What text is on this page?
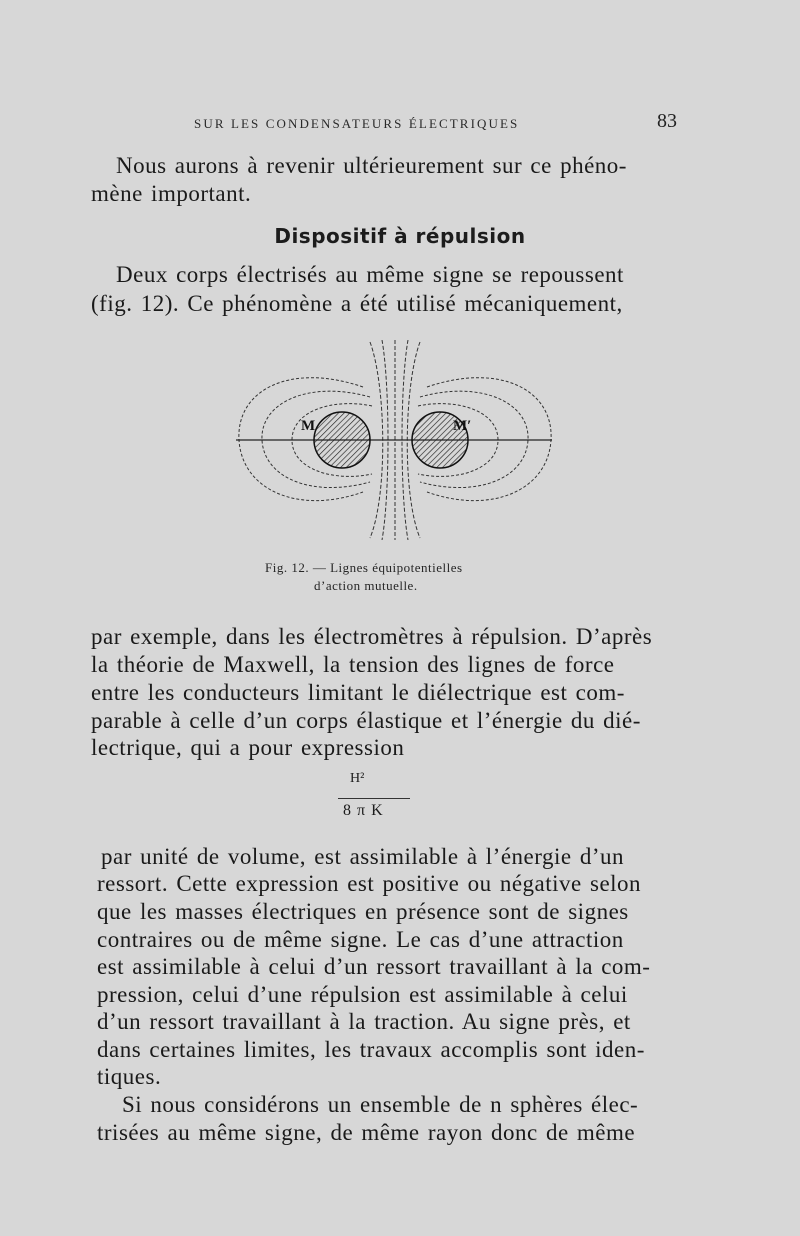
SUR LES CONDENSATEURS ÉLECTRIQUES	83
Nous aurons à revenir ultérieurement sur ce phéno-
mène important.
Dispositif à répulsion
Deux corps électrisés au même signe se repoussent
(fig. 12). Ce phénomène a été utilisé mécaniquement,
M	M′
Fig. 12. — Lignes équipotentielles
d’action mutuelle.
par exemple, dans les électromètres à répulsion. D’après
la théorie de Maxwell, la tension des lignes de force
entre les conducteurs limitant le diélectrique est com-
parable à celle d’un corps élastique et l’énergie du dié-
lectrique, qui a pour expression
H²
8 π K
par unité de volume, est assimilable à l’énergie d’un
ressort. Cette expression est positive ou négative selon
que les masses électriques en présence sont de signes
contraires ou de même signe. Le cas d’une attraction
est assimilable à celui d’un ressort travaillant à la com-
pression, celui d’une répulsion est assimilable à celui
d’un ressort travaillant à la traction. Au signe près, et
dans certaines limites, les travaux accomplis sont iden-
tiques.
Si nous considérons un ensemble de n sphères élec-
trisées au même signe, de même rayon donc de même
